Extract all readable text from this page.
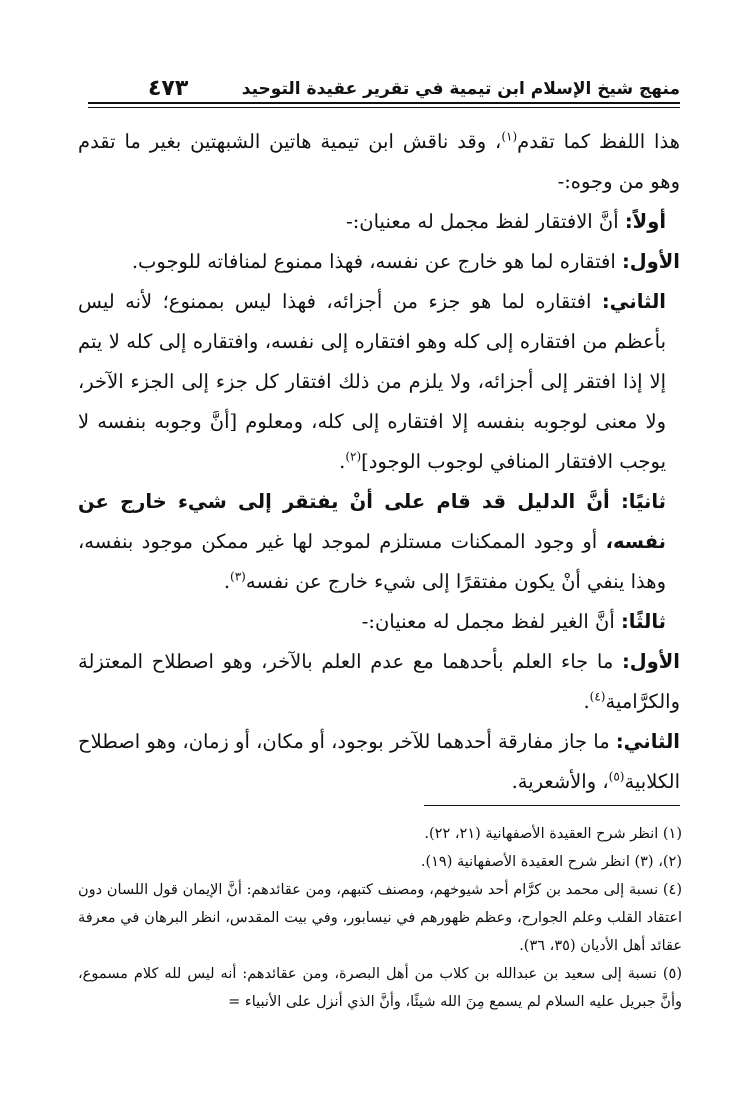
منهج شيخ الإسلام ابن تيمية في تقرير عقيدة التوحيد
٤٧٣

هذا اللفظ كما تقدم$^{(١)}$، وقد ناقش ابن تيمية هاتين الشبهتين بغير ما تقدم وهو من وجوه:-

أولاً: أنَّ الافتقار لفظ مجمل له معنيان:-

الأول: افتقاره لما هو خارج عن نفسه، فهذا ممنوع لمنافاته للوجوب.

الثاني: افتقاره لما هو جزء من أجزائه، فهذا ليس بممنوع؛ لأنه ليس بأعظم من افتقاره إلى كله وهو افتقاره إلى نفسه، وافتقاره إلى كله لا يتم إلا إذا افتقر إلى أجزائه، ولا يلزم من ذلك افتقار كل جزء إلى الجزء الآخر، ولا معنى لوجوبه بنفسه إلا افتقاره إلى كله، ومعلوم [أنَّ وجوبه بنفسه لا يوجب الافتقار المنافي لوجوب الوجود]$^{(٢)}$.

ثانيًا: أنَّ الدليل قد قام على أنْ يفتقر إلى شيء خارج عن نفسه، أو وجود الممكنات مستلزم لموجد لها غير ممكن موجود بنفسه، وهذا ينفي أنْ يكون مفتقرًا إلى شيء خارج عن نفسه$^{(٣)}$.

ثالثًا: أنَّ الغير لفظ مجمل له معنيان:-

الأول: ما جاء العلم بأحدهما مع عدم العلم بالآخر، وهو اصطلاح المعتزلة والكرَّامية$^{(٤)}$.

الثاني: ما جاز مفارقة أحدهما للآخر بوجود، أو مكان، أو زمان، وهو اصطلاح الكلابية$^{(٥)}$، والأشعرية.

(١) انظر شرح العقيدة الأصفهانية (٢١، ٢٢).

(٢)، (٣) انظر شرح العقيدة الأصفهانية (١٩).

(٤) نسبة إلى محمد بن كرَّام أحد شيوخهم، ومصنف كتبهم، ومن عقائدهم: أنَّ الإيمان قول اللسان دون اعتقاد القلب وعلم الجوارح، وعظم ظهورهم في نيسابور، وفي بيت المقدس، انظر البرهان في معرفة عقائد أهل الأديان (٣٥، ٣٦).

(٥) نسبة إلى سعيد بن عبدالله بن كلاب من أهل البصرة، ومن عقائدهم: أنه ليس لله كلام مسموع، وأنَّ جبريل عليه السلام لم يسمع مِنَ الله شيئًا، وأنَّ الذي أنزل على الأنبياء =
